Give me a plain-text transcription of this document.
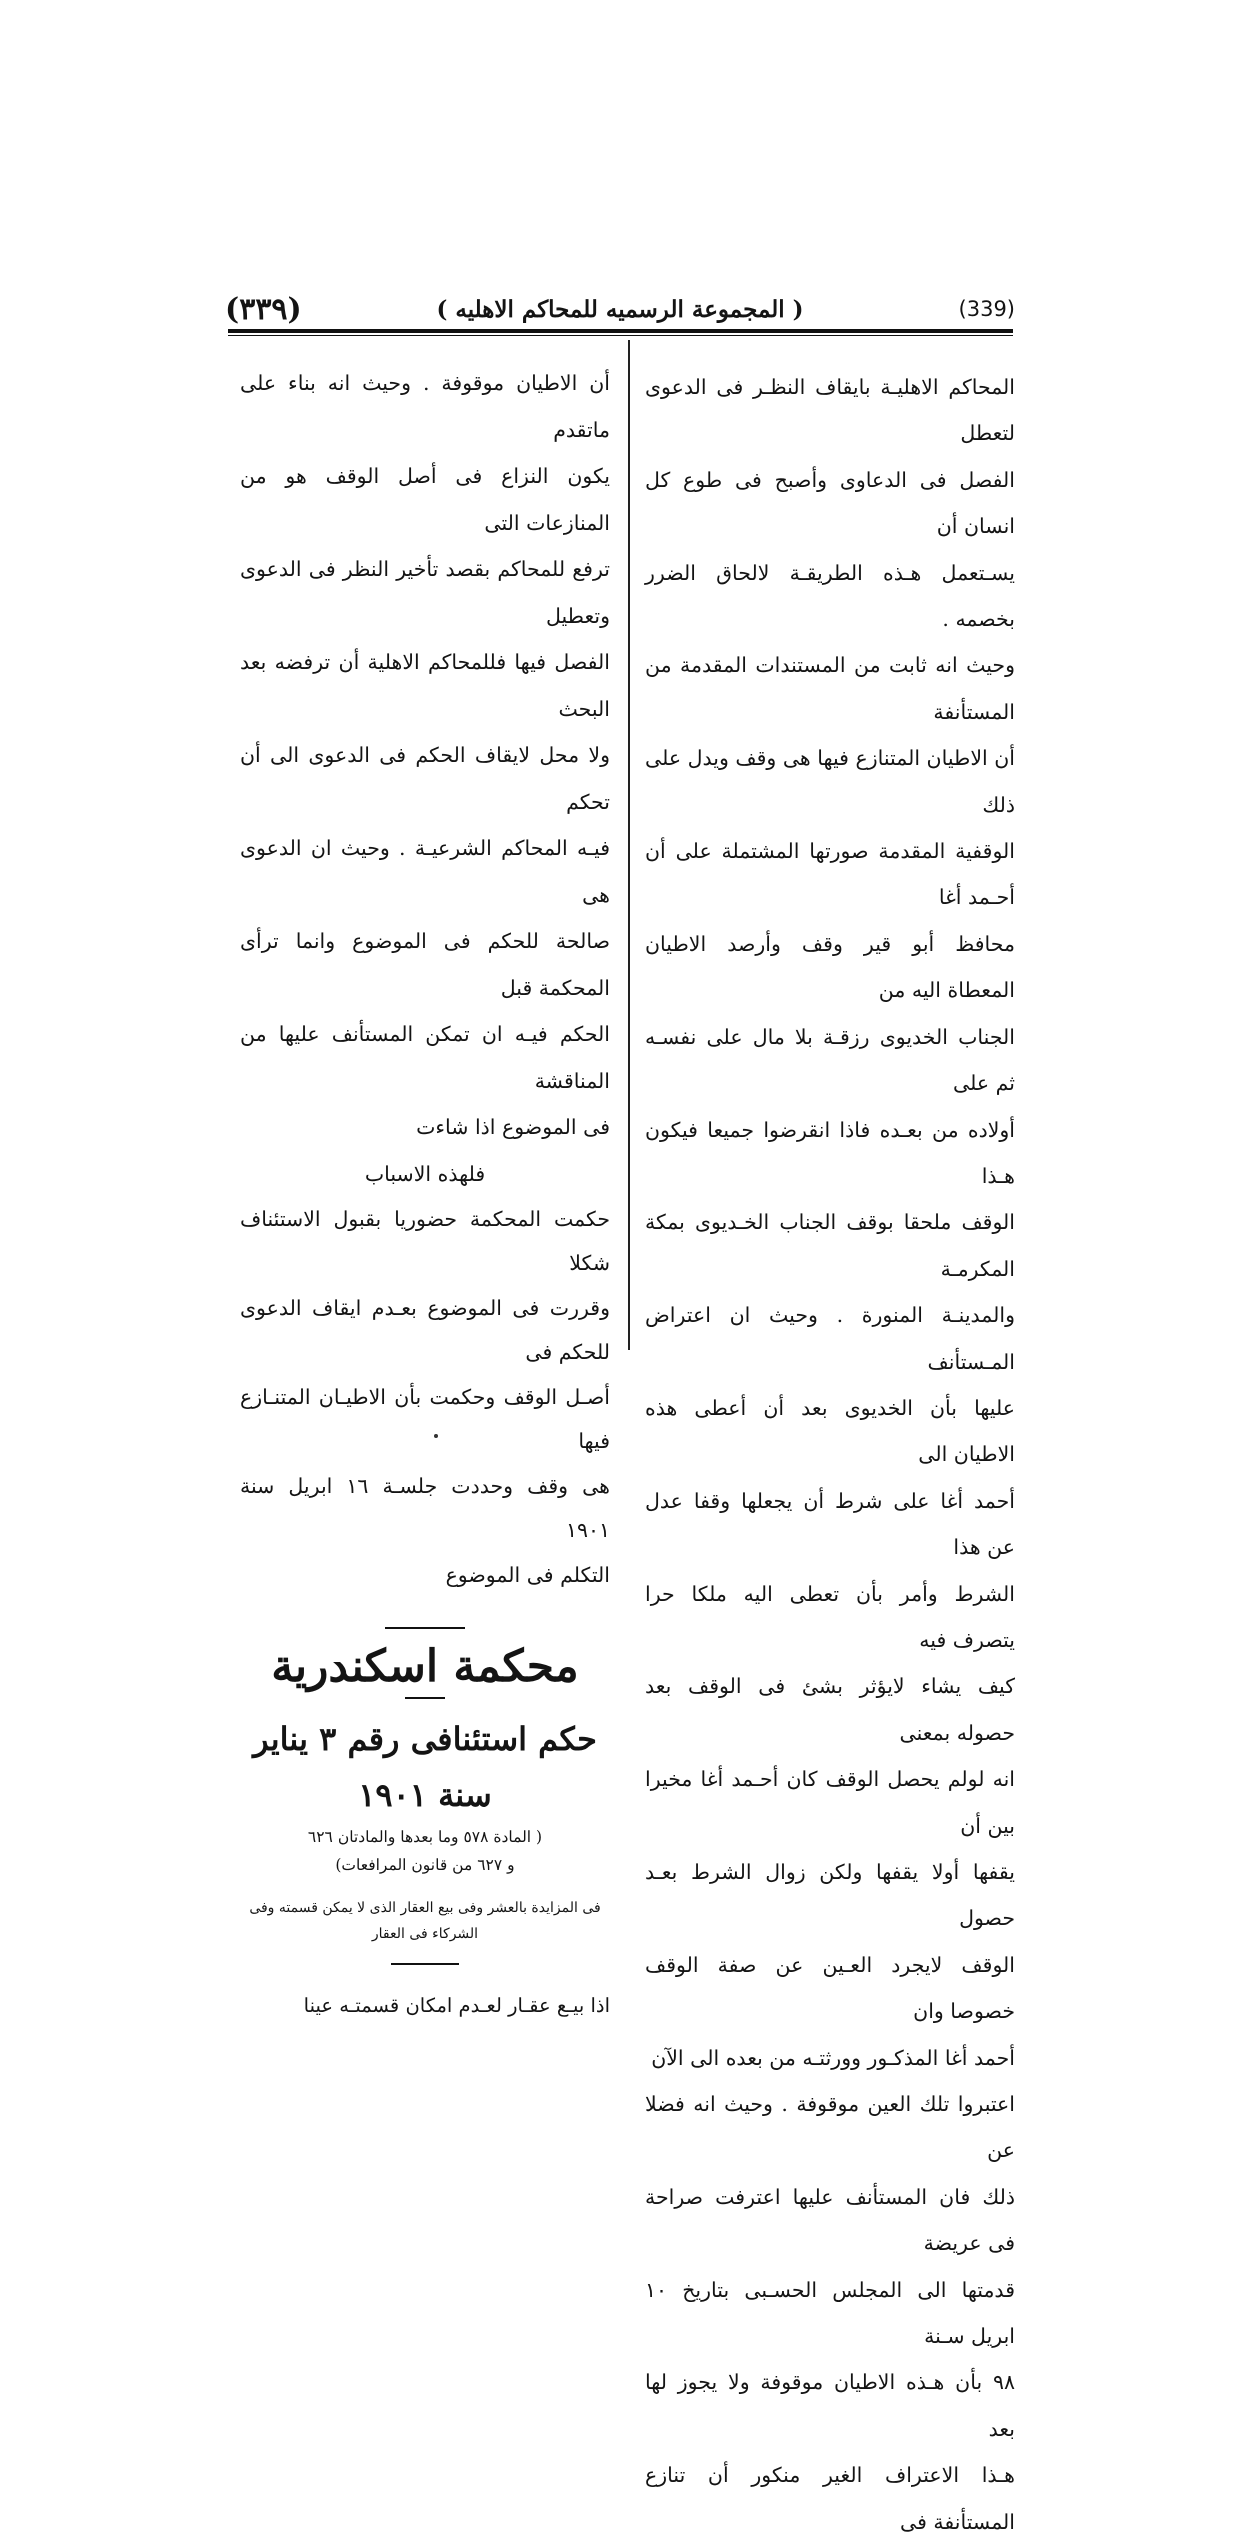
(٣٣٩)	( المجموعة الرسميه للمحاكم الاهليه )	(339)

المحاكم الاهليـة بايقاف النظـر فى الدعوى لتعطل

الفصل فى الدعاوى وأصبح فى طوع كل انسان أن

يسـتعمل هـذه الطريقـة لالحاق الضرر بخصمه .

وحيث انه ثابت من المستندات المقدمة من المستأنفة

أن الاطيان المتنازع فيها هى وقف ويدل على ذلك

الوقفية المقدمة صورتها المشتملة على أن أحـمد أغا

محافظ أبو قير وقف وأرصد الاطيان المعطاة اليه من

الجناب الخديوى رزقـة بلا مال على نفسـه ثم على

أولاده من بعـده فاذا انقرضوا جميعا فيكون هـذا

الوقف ملحقا بوقف الجناب الخـديوى بمكة المكرمـة

والمدينـة المنورة . وحيث ان اعتراض المـستأنف

عليها بأن الخديوى بعد أن أعطى هذه الاطيان الى

أحمد أغا على شرط أن يجعلها وقفا عدل عن هذا

الشرط وأمر بأن تعطى اليه ملكا حرا يتصرف فيه

كيف يشاء لايؤثر بشئ فى الوقف بعد حصوله بمعنى

انه لولم يحصل الوقف كان أحـمد أغا مخيرا بين أن

يقفها أولا يقفها ولكن زوال الشرط بعـد حصول

الوقف لايجرد العـين عن صفة الوقف خصوصا وان

أحمد أغا المذكـور وورثتـه من بعده الى الآن

اعتبروا تلك العين موقوفة . وحيث انه فضلا عن

ذلك فان المستأنف عليها اعترفت صراحة فى عريضة

قدمتها الى المجلس الحسـبى بتاريخ ١٠ ابريل سـنة

٩٨ بأن هـذه الاطيان موقوفة ولا يجوز لها بعد

هـذا الاعتراف الغير منكور أن تنازع المستأنفة فى

أن الاطيان موقوفة . وحيث انه بناء على ماتقدم

يكون النزاع فى أصل الوقف هو من المنازعات التى

ترفع للمحاكم بقصد تأخير النظر فى الدعوى وتعطيل

الفصل فيها فللمحاكم الاهلية أن ترفضه بعد البحث

ولا محل لايقاف الحكم فى الدعوى الى أن تحكم

فيـه المحاكم الشرعيـة . وحيث ان الدعوى هى

صالحة للحكم فى الموضوع وانما ترأى المحكمة قبل

الحكم فيـه ان تمكن المستأنف عليها من المناقشة

فى الموضوع اذا شاءت

فلهذه الاسباب

حكمت المحكمة حضوريا بقبول الاستئناف شكلا

وقررت فى الموضوع بعـدم ايقاف الدعوى للحكم فى

أصـل الوقف وحكمت بأن الاطيـان المتنـازع فيها

هى وقف وحددت جلسـة ١٦ ابريل سنة ١٩٠١

التكلم فى الموضوع

محكمة اسكندرية

حكم استئنافى رقم ٣ يناير سنة ١٩٠١

( المادة ٥٧٨ وما بعدها والمادتان ٦٢٦

و ٦٢٧ من قانون المرافعات)

فى المزايدة بالعشر وفى بيع العقار الذى لا يمكن قسمته وفى

الشركاء فى العقار

اذا بيـع عقـار لعـدم امكان قسمتـه عينا
